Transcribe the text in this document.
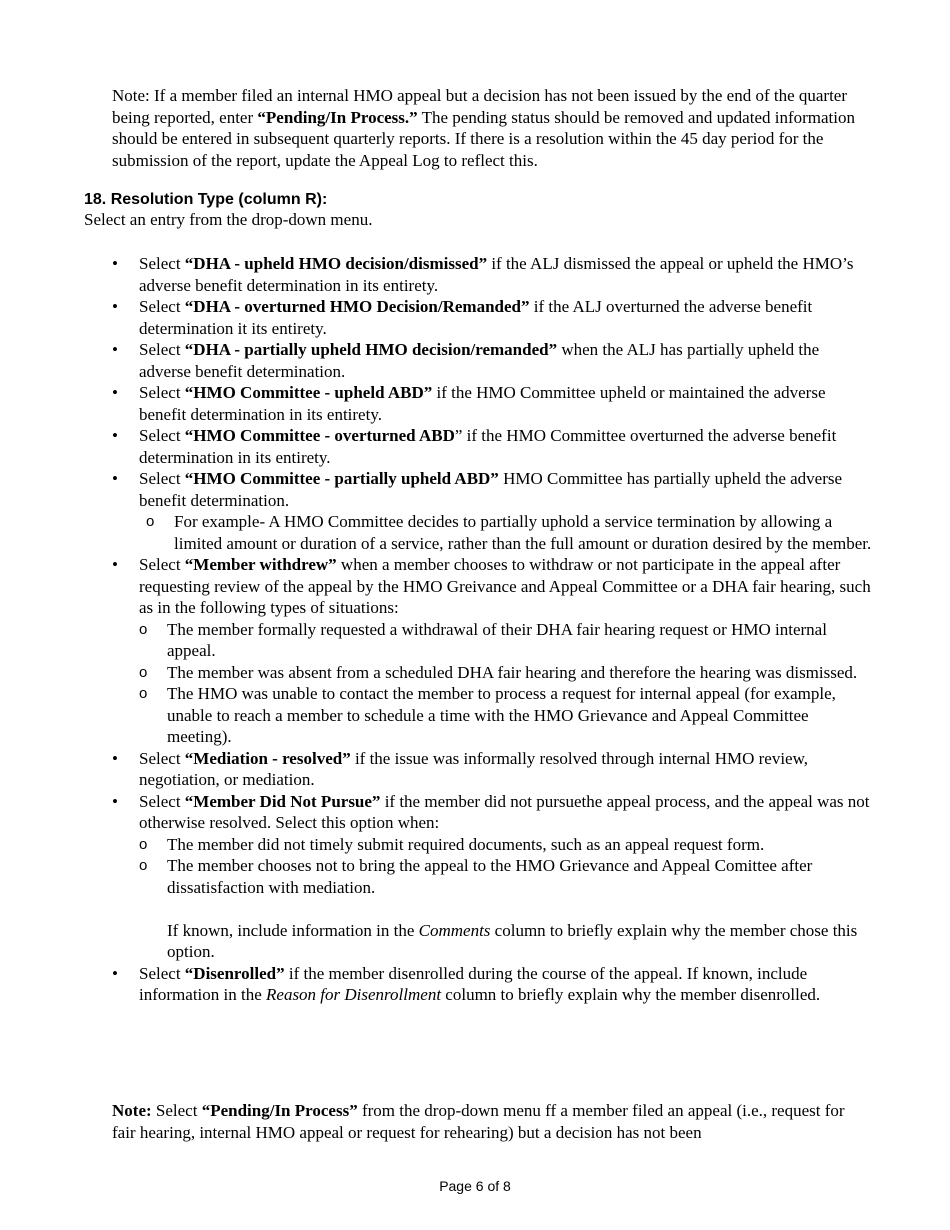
Note: If a member filed an internal HMO appeal but a decision has not been issued by the end of the quarter being reported, enter “Pending/In Process.” The pending status should be removed and updated information should be entered in subsequent quarterly reports. If there is a resolution within the 45 day period for the submission of the report, update the Appeal Log to reflect this.
18. Resolution Type (column R):
Select an entry from the drop-down menu.
• Select “DHA - upheld HMO decision/dismissed” if the ALJ dismissed the appeal or upheld the HMO’s adverse benefit determination in its entirety.
• Select “DHA - overturned HMO Decision/Remanded” if the ALJ overturned the adverse benefit determination it its entirety.
• Select “DHA - partially upheld HMO decision/remanded” when the ALJ has partially upheld the adverse benefit determination.
• Select “HMO Committee - upheld ABD” if the HMO Committee upheld or maintained the adverse benefit determination in its entirety.
• Select “HMO Committee - overturned ABD” if the HMO Committee overturned the adverse benefit determination in its entirety.
• Select “HMO Committee - partially upheld ABD” HMO Committee has partially upheld the adverse benefit determination.
o For example- A HMO Committee decides to partially uphold a service termination by allowing a limited amount or duration of a service, rather than the full amount or duration desired by the member.
• Select “Member withdrew” when a member chooses to withdraw or not participate in the appeal after requesting review of the appeal by the HMO Greivance and Appeal Committee or a DHA fair hearing, such as in the following types of situations:
o The member formally requested a withdrawal of their DHA fair hearing request or HMO internal appeal.
o The member was absent from a scheduled DHA fair hearing and therefore the hearing was dismissed.
o The HMO was unable to contact the member to process a request for internal appeal (for example, unable to reach a member to schedule a time with the HMO Grievance and Appeal Committee meeting).
• Select “Mediation - resolved” if the issue was informally resolved through internal HMO review, negotiation, or mediation.
• Select “Member Did Not Pursue” if the member did not pursuethe appeal process, and the appeal was not otherwise resolved. Select this option when:
o The member did not timely submit required documents, such as an appeal request form.
o The member chooses not to bring the appeal to the HMO Grievance and Appeal Comittee after dissatisfaction with mediation.
If known, include information in the Comments column to briefly explain why the member chose this option.
• Select “Disenrolled” if the member disenrolled during the course of the appeal. If known, include information in the Reason for Disenrollment column to briefly explain why the member disenrolled.
Note: Select “Pending/In Process” from the drop-down menu ff a member filed an appeal (i.e., request for fair hearing, internal HMO appeal or request for rehearing) but a decision has not been
Page 6 of 8
